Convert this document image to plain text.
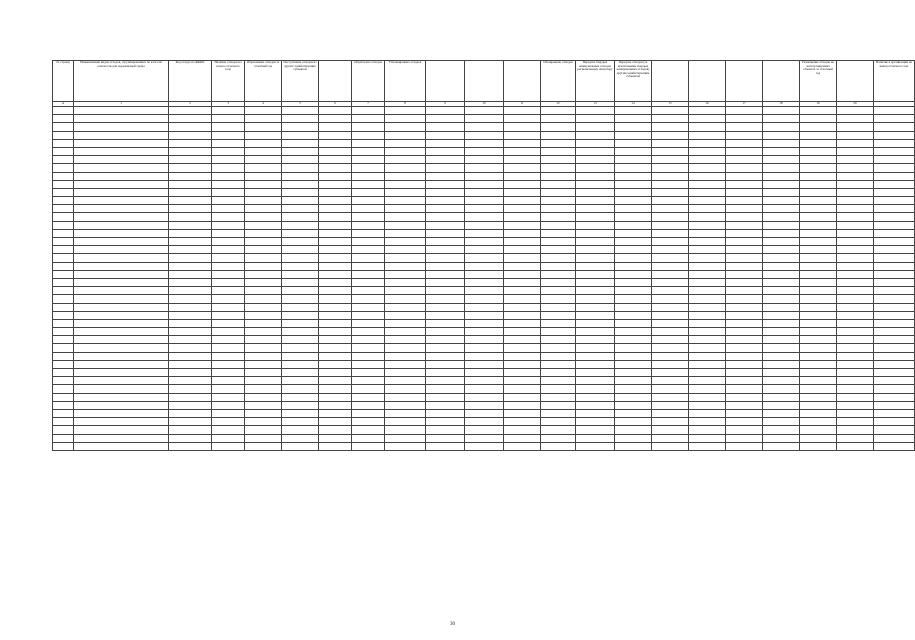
№ строки	Наименование видов отходов, сгруппированных по классам опасности для окружающей среды	Код отхода по ФККО	Наличие отходов на начало отчетного года	Образование отходов за отчетный год	Поступление отходов из других хозяйствующих субъектов		Обработано отходов	Утилизировано отходов				Обезврежено отходов	Передача твердых коммунальных отходов региональному оператору	Передача отходов (за исключением твердых коммунальных отходов) другим хозяйствующим субъектам					Размещение отходов на эксплуатируемых объектах за отчетный год		Наличие в организации на конец отчетного года
А	1	2	3	4	5	6	7	8	9	10	11	12	13	14	15	16	17	18	19	20	

30
